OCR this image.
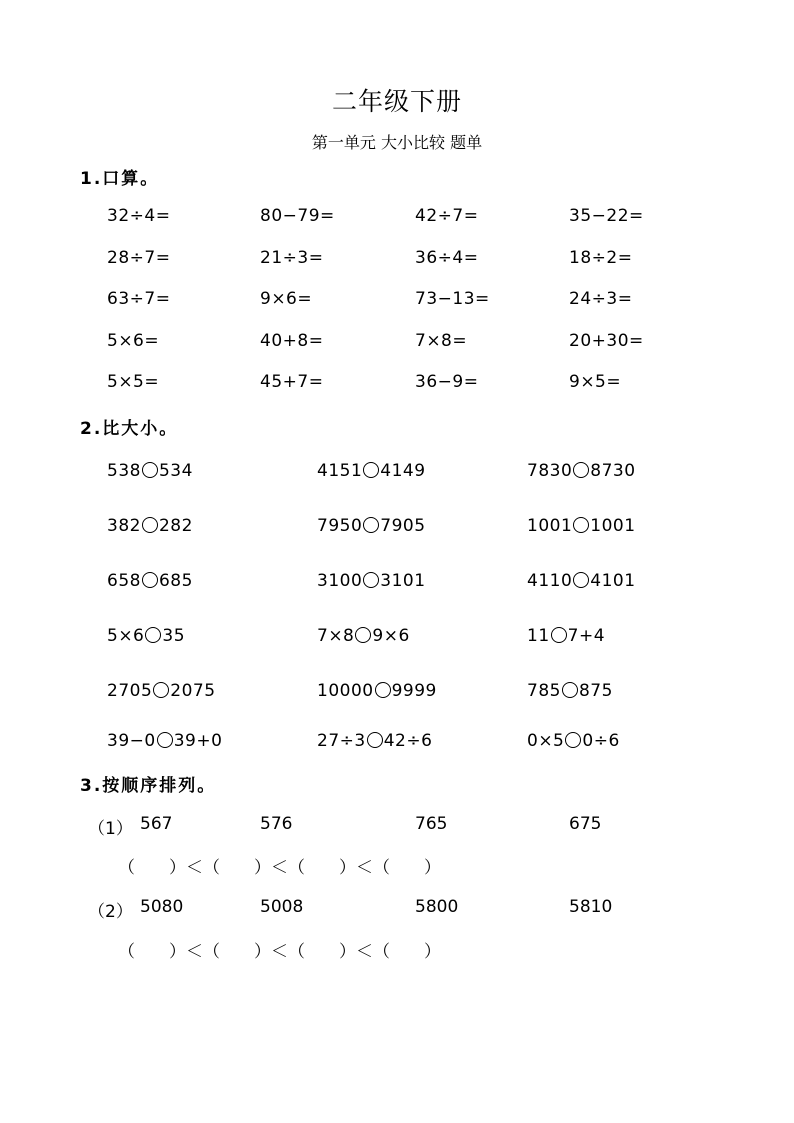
二年级下册
第一单元 大小比较 题单
1.口算。
32÷4=	80−79=	42÷7=	35−22=
28÷7=	21÷3=	36÷4=	18÷2=
63÷7=	9×6=	73−13=	24÷3=
5×6=	40+8=	7×8=	20+30=
5×5=	45+7=	36−9=	9×5=
2.比大小。
538 534	4151 4149	7830 8730
382 282	7950 7905	1001 1001
658 685	3100 3101	4110 4101
5×6 35	7×8 9×6	11 7+4
2705 2075	10000 9999	785 875
39−0 39+0	27÷3 42÷6	0×5 0÷6
3.按顺序排列。
（1） 567	576	765	675
（　　）＜（　　）＜（　　）＜（　　）
（2） 5080	5008	5800	5810
（　　）＜（　　）＜（　　）＜（　　）
